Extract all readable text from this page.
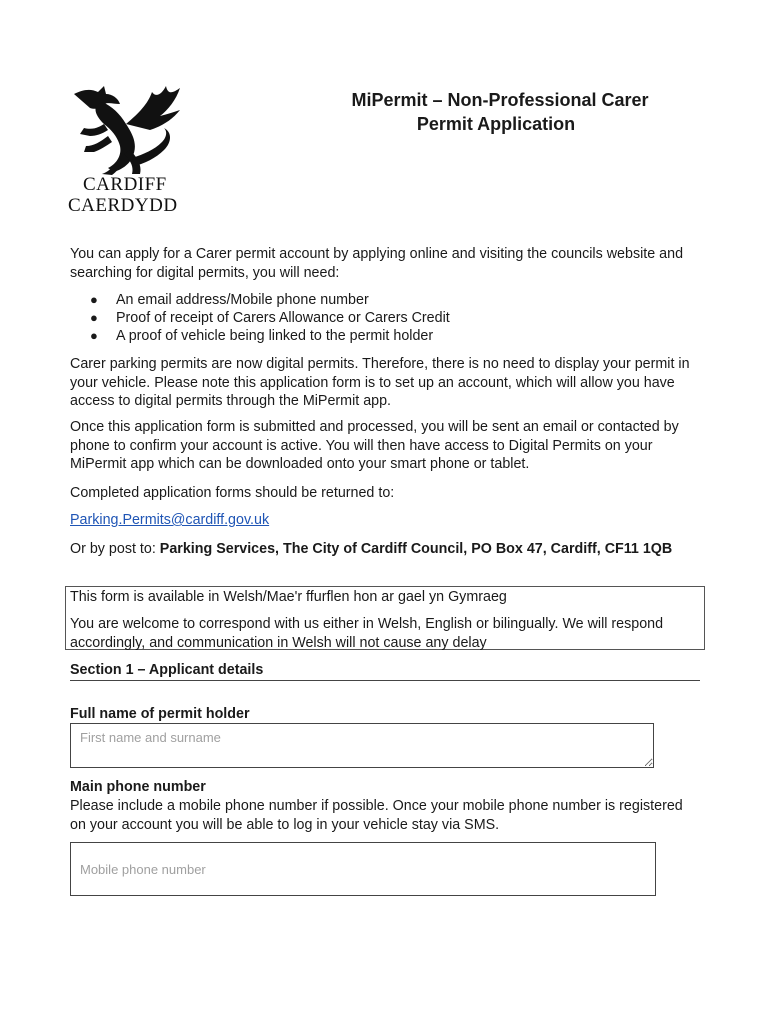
CARDIFF
CAERDYDD
MiPermit – Non-Professional Carer
Permit Application
You can apply for a Carer permit account by applying online and visiting the councils website and searching for digital permits, you will need:
●	An email address/Mobile phone number
●	Proof of receipt of Carers Allowance or Carers Credit
●	A proof of vehicle being linked to the permit holder
Carer parking permits are now digital permits. Therefore, there is no need to display your permit in your vehicle. Please note this application form is to set up an account, which will allow you have access to digital permits through the MiPermit app.
Once this application form is submitted and processed, you will be sent an email or contacted by phone to confirm your account is active. You will then have access to Digital Permits on your MiPermit app which can be downloaded onto your smart phone or tablet.
Completed application forms should be returned to:
Parking.Permits@cardiff.gov.uk
Or by post to: Parking Services, The City of Cardiff Council, PO Box 47, Cardiff, CF11 1QB
This form is available in Welsh/Mae'r ffurflen hon ar gael yn Gymraeg
You are welcome to correspond with us either in Welsh, English or bilingually. We will respond accordingly, and communication in Welsh will not cause any delay
Section 1 – Applicant details
Full name of permit holder
First name and surname
Main phone number
Please include a mobile phone number if possible. Once your mobile phone number is registered on your account you will be able to log in your vehicle stay via SMS.
Mobile phone number
